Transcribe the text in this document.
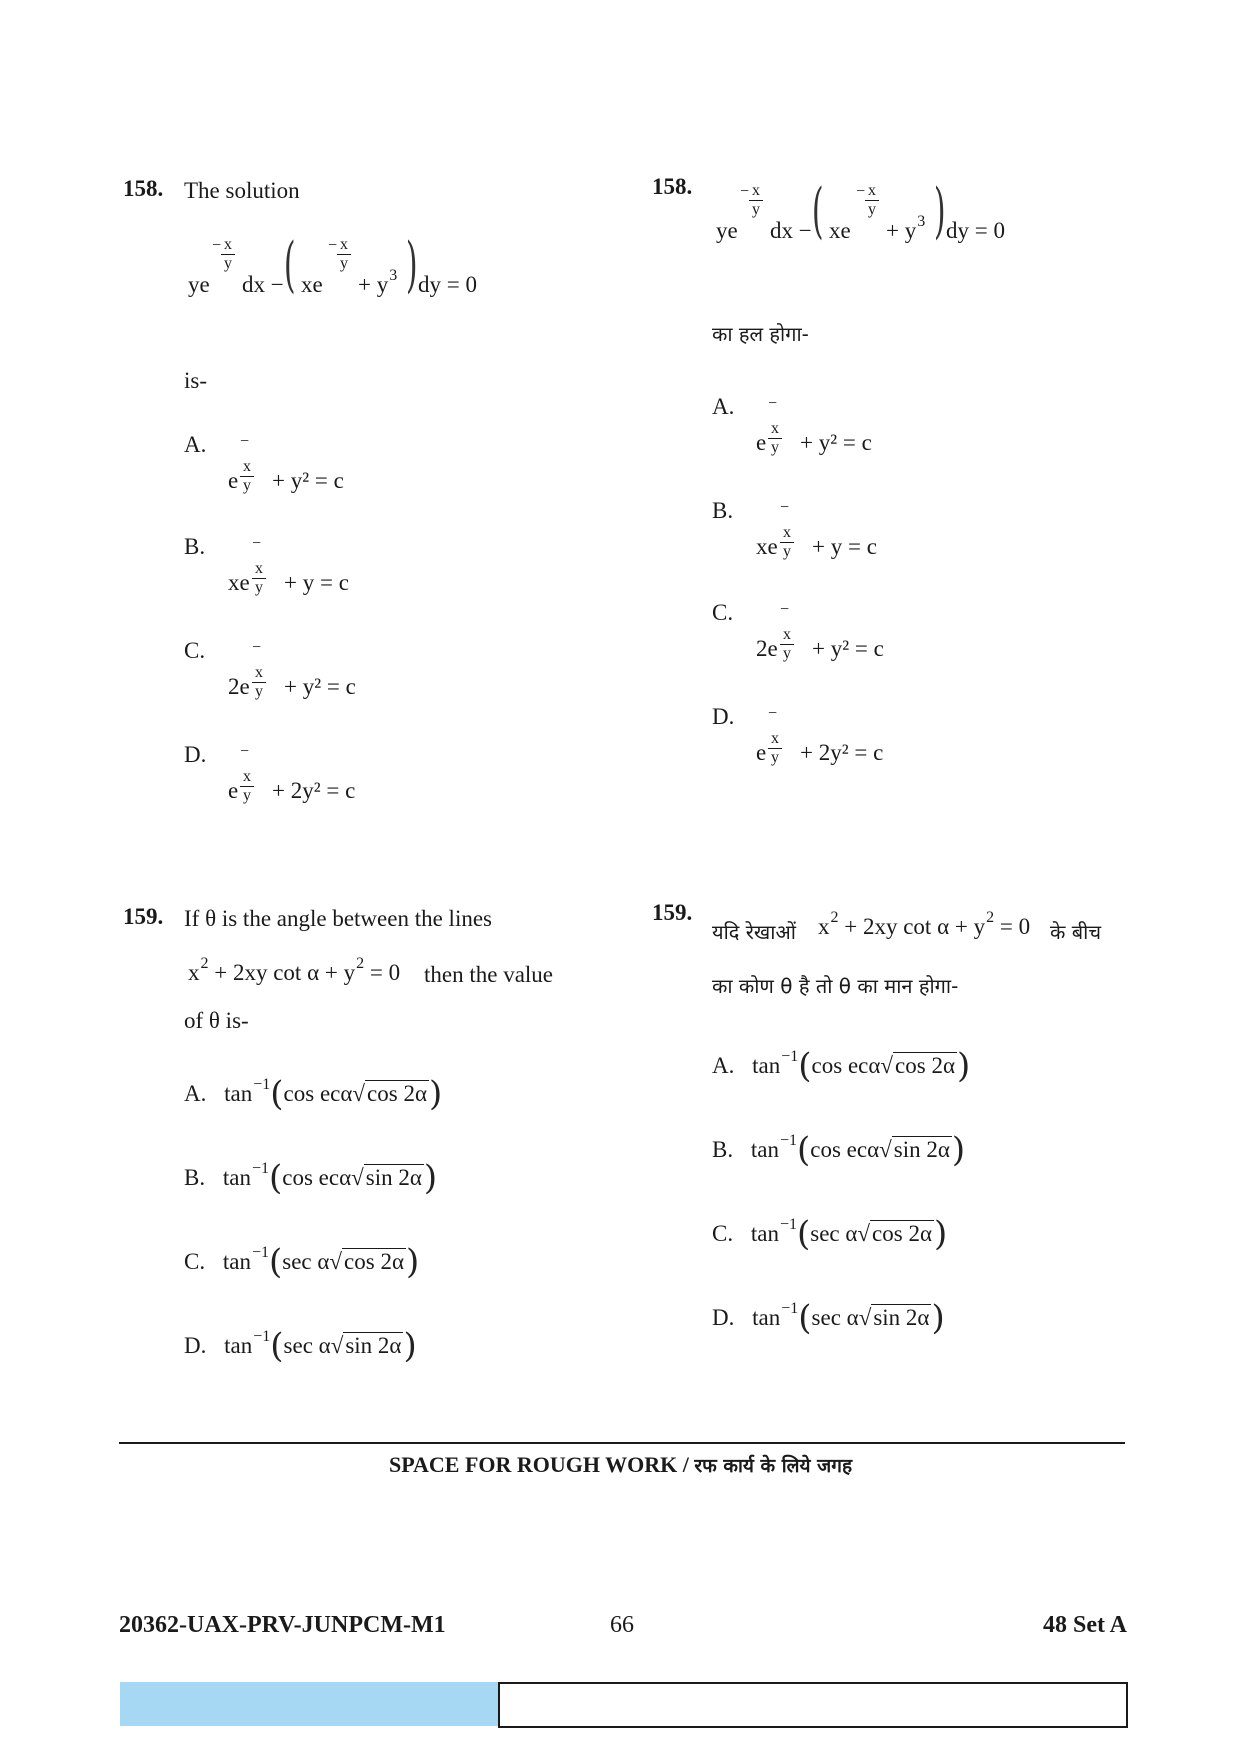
158. The solution
ye
$^- \frac{x}{y}$
dx − ( xe
$^- \frac{x}{y}$
+ $y^3$ ) dy = 0
is-
A.
e
−
$\frac{x}{y} + y^2 = c$
B.
xe
−
$\frac{x}{y} + y = c$
C.
2e
−
$\frac{x}{y} + y^2 = c$
D.
e
−
$\frac{x}{y} + 2y^2 = c$
158.
ye
$^- \frac{x}{y}$
dx − ( xe
$^- \frac{x}{y}$
+ $y^3$ ) dy = 0
का हल होगा-
A.
e
−
$\frac{x}{y} + y^2 = c$
B.
xe
−
$\frac{x}{y} + y = c$
C.
2e
−
$\frac{x}{y} + y^2 = c$
D.
e
−
$\frac{x}{y} + 2y^2 = c$
159. If θ is the angle between the lines
$x^2 + 2xy$ $\cot \alpha + y^2 = 0$ then the value
of θ is-
A. $\tan^{-1}(\cos$ ecα√cos 2α)
B. $\tan^{-1}(\cos$ ecα√sin 2α)
C. $\tan^{-1}(\sec$ α√cos 2α)
D. $\tan^{-1}(\sec$ α√sin 2α)
159.
यदि रेखाओं $x^2 + 2xy$ $\cot \alpha + y^2 = 0$ के बीच
का कोण θ है तो θ का मान होगा-
A. $\tan^{-1}(\cos$ ecα√cos 2α)
B. $\tan^{-1}(\cos$ ecα√sin 2α)
C. $\tan^{-1}(\sec$ α√cos 2α)
D. $\tan^{-1}(\sec$ α√sin 2α)
SPACE FOR ROUGH WORK / रफ कार्य के लिये जगह
20362-UAX-PRV-JUNPCM-M1	66	48 Set A
